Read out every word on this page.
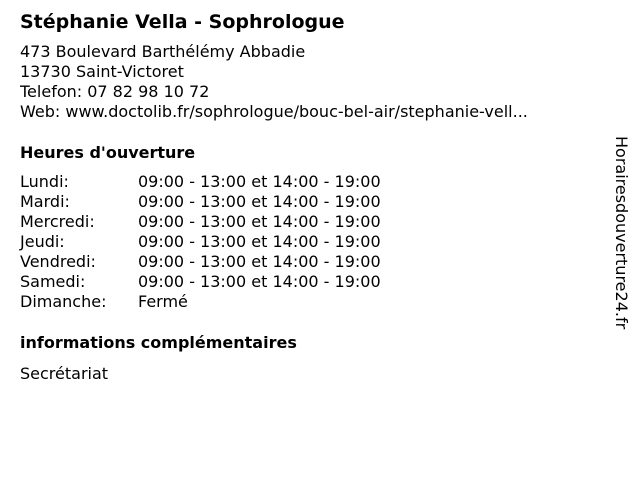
Stéphanie Vella - Sophrologue
473 Boulevard Barthélémy Abbadie
13730 Saint-Victoret
Telefon: 07 82 98 10 72
Web: www.doctolib.fr/sophrologue/bouc-bel-air/stephanie-vell...
Heures d'ouverture
Lundi:	09:00 - 13:00 et 14:00 - 19:00
Mardi:	09:00 - 13:00 et 14:00 - 19:00
Mercredi:	09:00 - 13:00 et 14:00 - 19:00
Jeudi:	09:00 - 13:00 et 14:00 - 19:00
Vendredi:	09:00 - 13:00 et 14:00 - 19:00
Samedi:	09:00 - 13:00 et 14:00 - 19:00
Dimanche:	Fermé
informations complémentaires
Secrétariat
Horairesdouverture24.fr
